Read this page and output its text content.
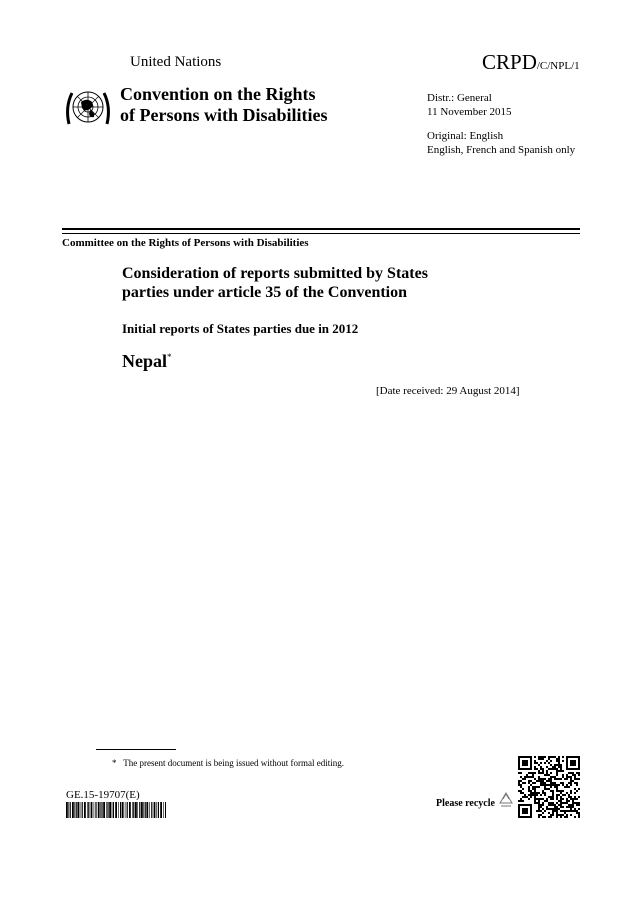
United Nations	CRPD/C/NPL/1
Convention on the Rights
of Persons with Disabilities
Distr.: General
11 November 2015
Original: English
English, French and Spanish only
Committee on the Rights of Persons with Disabilities
Consideration of reports submitted by States
parties under article 35 of the Convention
Initial reports of States parties due in 2012
Nepal*
[Date received: 29 August 2014]
* The present document is being issued without formal editing.
GE.15-19707(E)
Please recycle
